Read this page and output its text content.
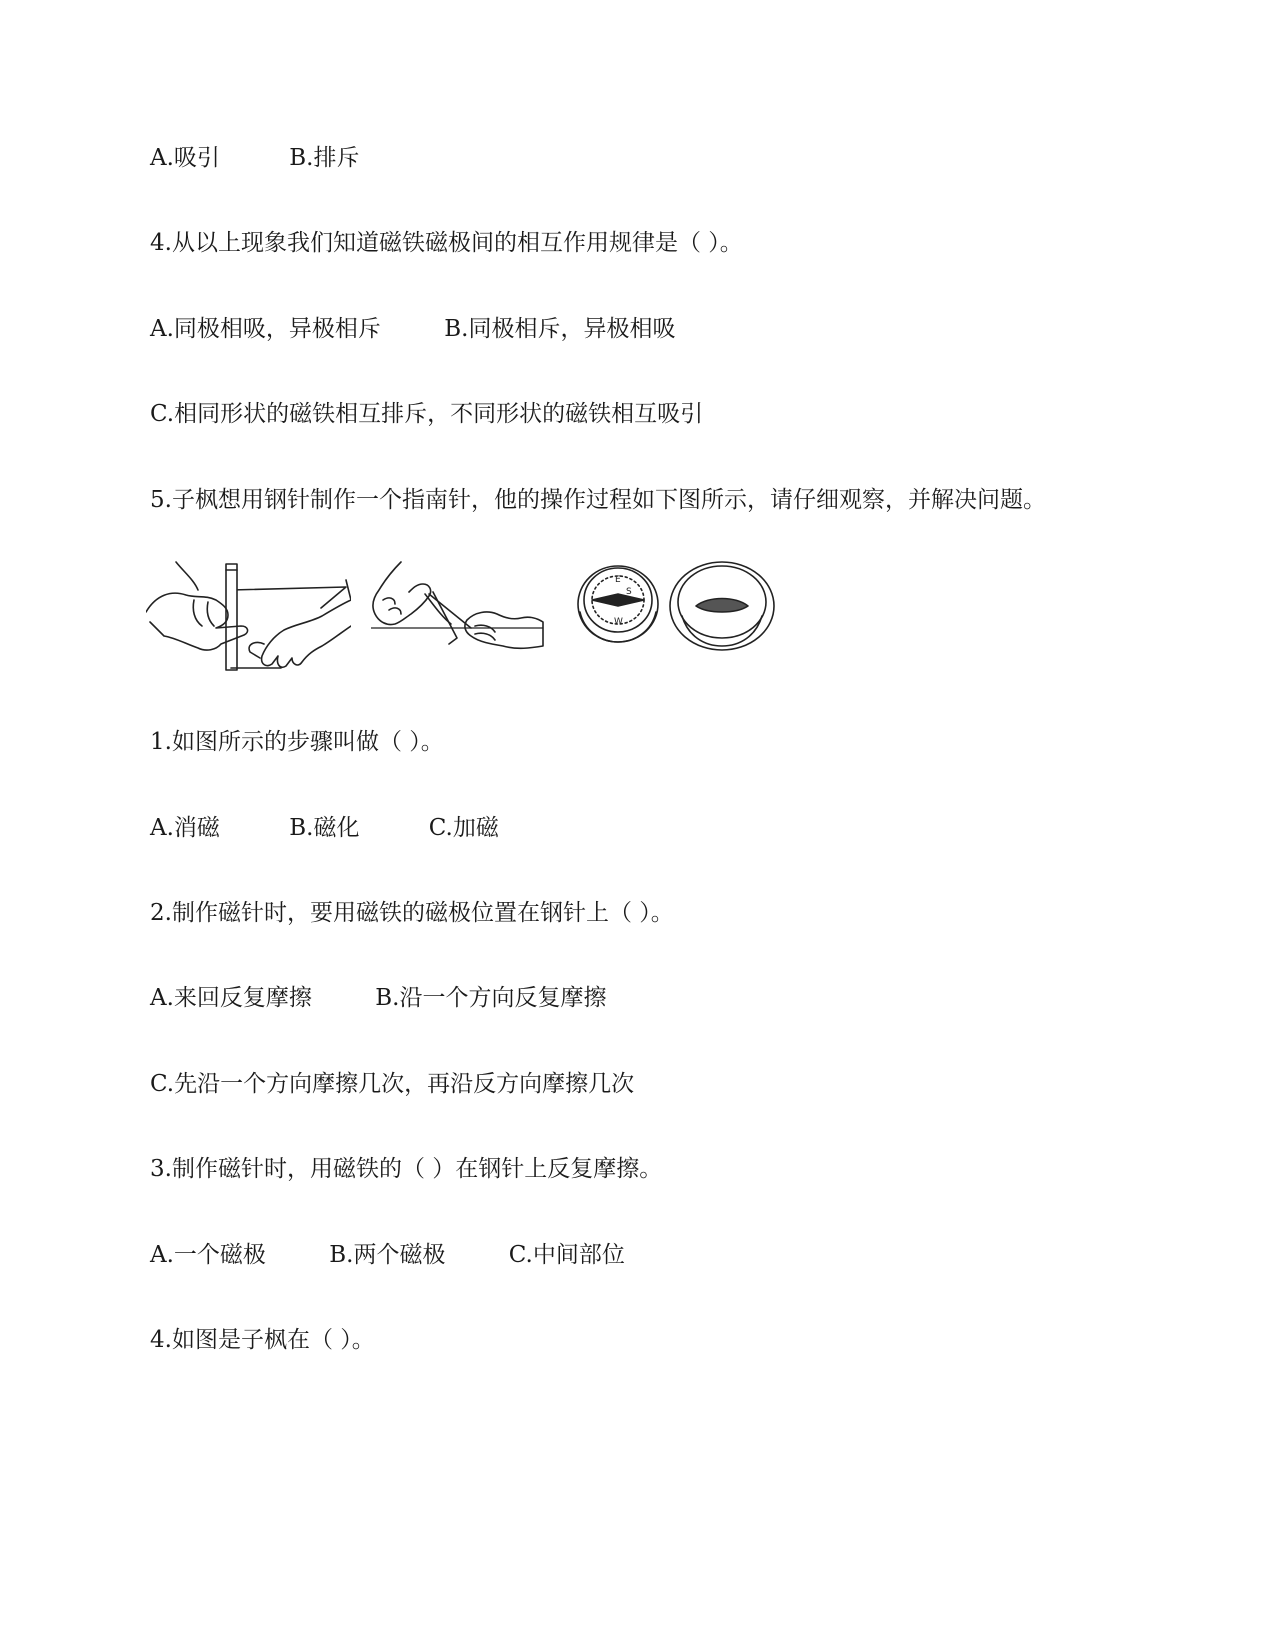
A.吸引	B.排斥
4.从以上现象我们知道磁铁磁极间的相互作用规律是（ ）。
A.同极相吸，异极相斥	B.同极相斥，异极相吸
C.相同形状的磁铁相互排斥，不同形状的磁铁相互吸引
5.子枫想用钢针制作一个指南针，他的操作过程如下图所示，请仔细观察，并解决问题。
E
S
W
1.如图所示的步骤叫做（ ）。
A.消磁	B.磁化	C.加磁
2.制作磁针时，要用磁铁的磁极位置在钢针上（ ）。
A.来回反复摩擦	B.沿一个方向反复摩擦
C.先沿一个方向摩擦几次，再沿反方向摩擦几次
3.制作磁针时，用磁铁的（ ）在钢针上反复摩擦。
A.一个磁极	B.两个磁极	C.中间部位
4.如图是子枫在（ ）。
